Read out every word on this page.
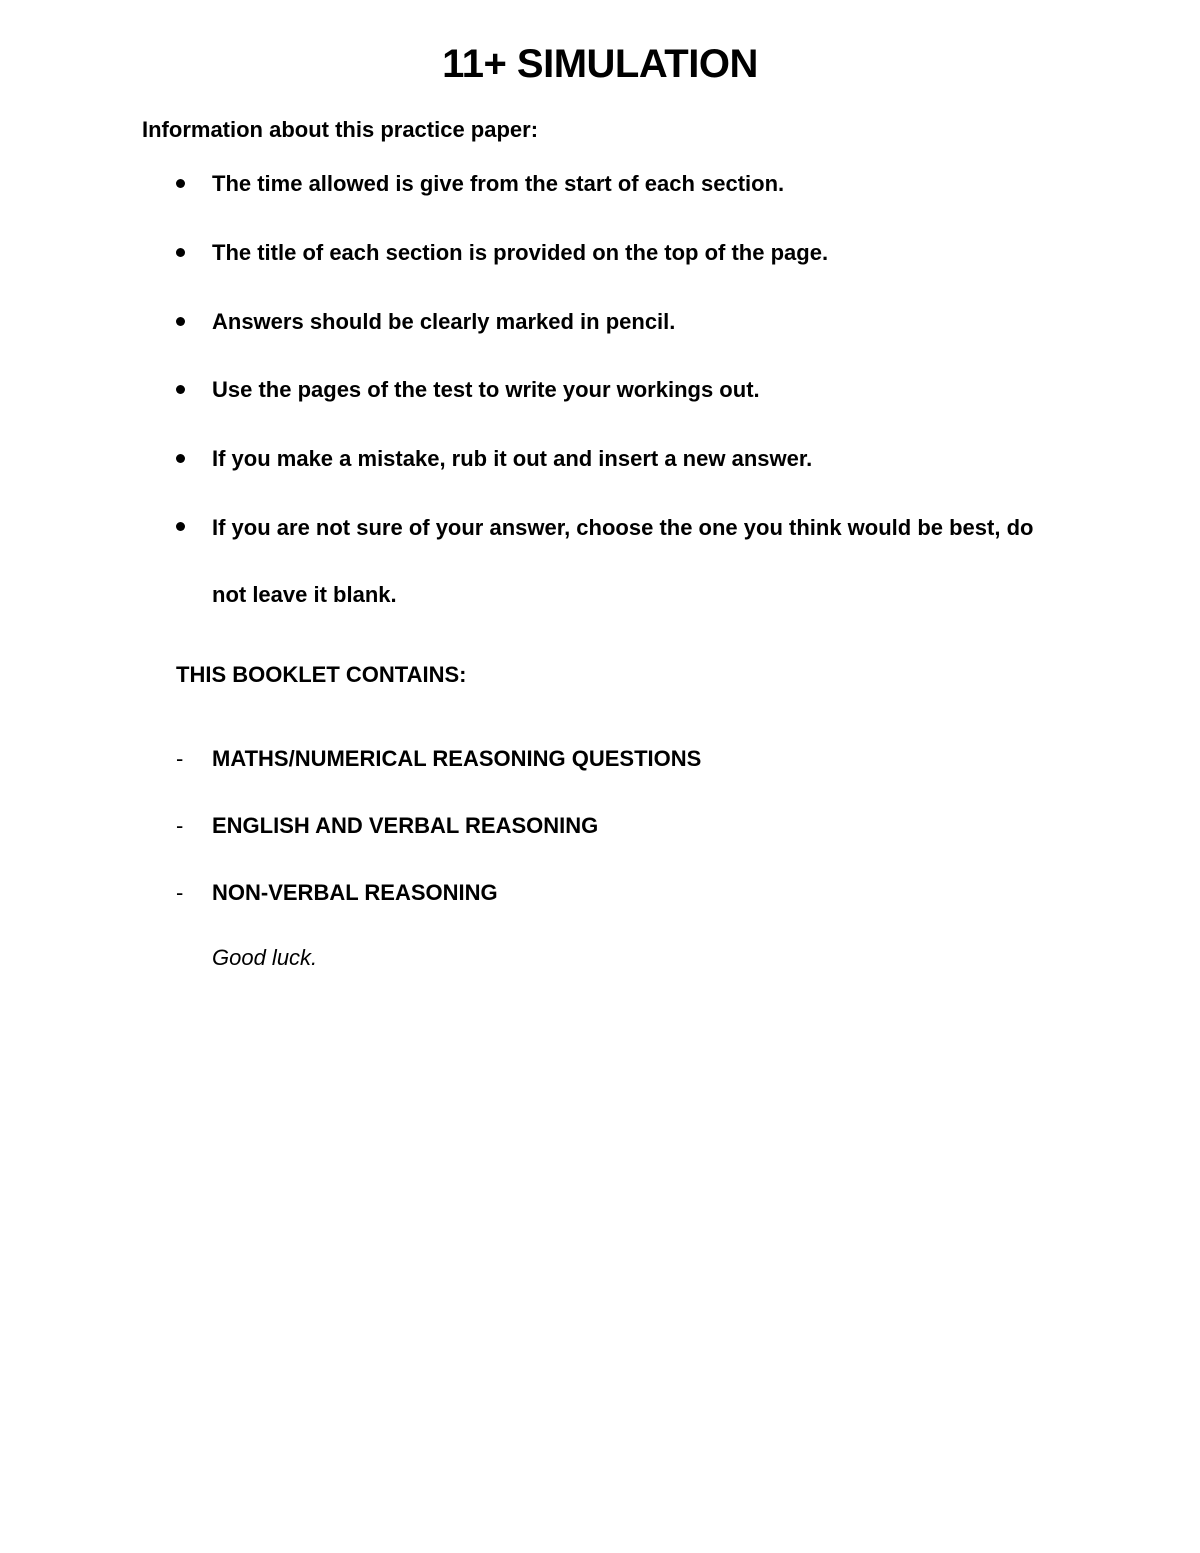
11+ SIMULATION
Information about this practice paper:
The time allowed is give from the start of each section.
The title of each section is provided on the top of the page.
Answers should be clearly marked in pencil.
Use the pages of the test to write your workings out.
If you make a mistake, rub it out and insert a new answer.
If you are not sure of your answer, choose the one you think would be best, do not leave it blank.
THIS BOOKLET CONTAINS:
- MATHS/NUMERICAL REASONING QUESTIONS
- ENGLISH AND VERBAL REASONING
- NON-VERBAL REASONING
Good luck.
